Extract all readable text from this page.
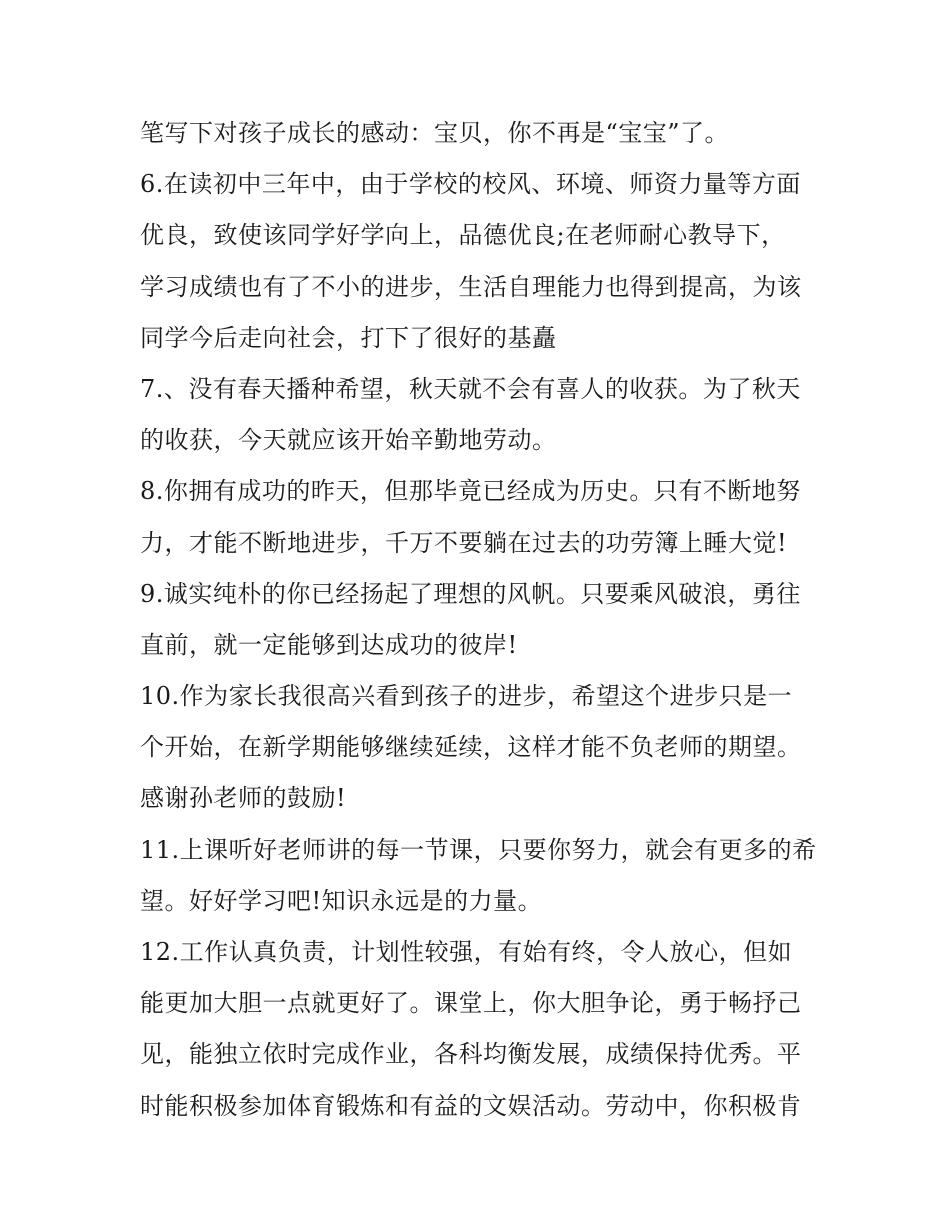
笔写下对孩子成长的感动：宝贝，你不再是“宝宝”了。
6.在读初中三年中，由于学校的校风、环境、师资力量等方面
优良，致使该同学好学向上，品德优良;在老师耐心教导下，
学习成绩也有了不小的进步，生活自理能力也得到提高，为该
同学今后走向社会，打下了很好的基矗
7.、没有春天播种希望，秋天就不会有喜人的收获。为了秋天
的收获，今天就应该开始辛勤地劳动。
8.你拥有成功的昨天，但那毕竟已经成为历史。只有不断地努
力，才能不断地进步，千万不要躺在过去的功劳簿上睡大觉!
9.诚实纯朴的你已经扬起了理想的风帆。只要乘风破浪，勇往
直前，就一定能够到达成功的彼岸!
10.作为家长我很高兴看到孩子的进步，希望这个进步只是一
个开始，在新学期能够继续延续，这样才能不负老师的期望。
感谢孙老师的鼓励!
11.上课听好老师讲的每一节课，只要你努力，就会有更多的希
望。好好学习吧!知识永远是的力量。
12.工作认真负责，计划性较强，有始有终，令人放心，但如
能更加大胆一点就更好了。课堂上，你大胆争论，勇于畅抒己
见，能独立依时完成作业，各科均衡发展，成绩保持优秀。平
时能积极参加体育锻炼和有益的文娱活动。劳动中，你积极肯
